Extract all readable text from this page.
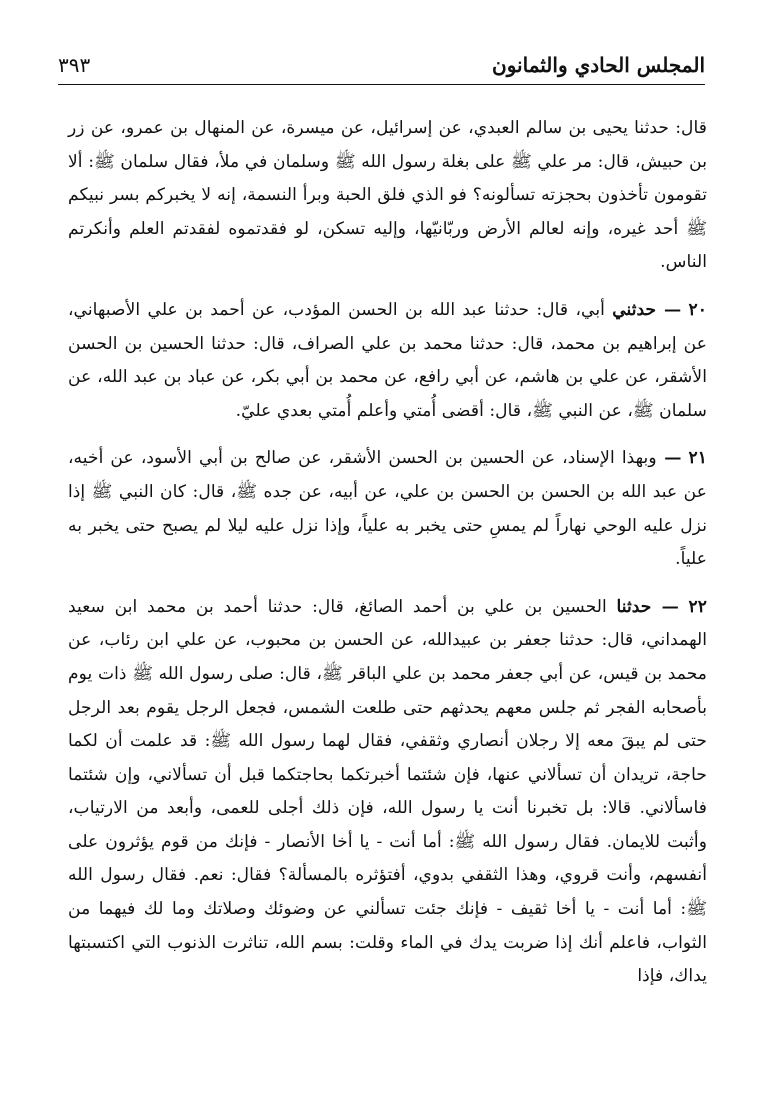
المجلس الحادي والثمانون
٣٩٣

قال: حدثنا يحيى بن سالم العبدي، عن إسرائيل، عن ميسرة، عن المنهال بن عمرو، عن زر بن حبيش، قال: مر علي ﷺ على بغلة رسول الله ﷺ وسلمان في ملأ، فقال سلمان ﷺ: ألا تقومون تأخذون بحجزته تسألونه؟ فو الذي فلق الحبة وبرأ النسمة، إنه لا يخبركم بسر نبيكم ﷺ أحد غيره، وإنه لعالم الأرض وربّانيّها، وإليه تسكن، لو فقدتموه لفقدتم العلم وأنكرتم الناس.

٢٠ — حدثني أبي، قال: حدثنا عبد الله بن الحسن المؤدب، عن أحمد بن علي الأصبهاني، عن إبراهيم بن محمد، قال: حدثنا محمد بن علي الصراف، قال: حدثنا الحسين بن الحسن الأشقر، عن علي بن هاشم، عن أبي رافع، عن محمد بن أبي بكر، عن عباد بن عبد الله، عن سلمان ﷺ، عن النبي ﷺ، قال: أقضى أُمتي وأعلم أُمتي بعدي عليّ.

٢١ — وبهذا الإسناد، عن الحسين بن الحسن الأشقر، عن صالح بن أبي الأسود، عن أخيه، عن عبد الله بن الحسن بن الحسن بن علي، عن أبيه، عن جده ﷺ، قال: كان النبي ﷺ إذا نزل عليه الوحي نهاراً لم يمسِ حتى يخبر به علياً، وإذا نزل عليه ليلا لم يصبح حتى يخبر به علياً.

٢٢ — حدثنا الحسين بن علي بن أحمد الصائغ، قال: حدثنا أحمد بن محمد ابن سعيد الهمداني، قال: حدثنا جعفر بن عبيدالله، عن الحسن بن محبوب، عن علي ابن رئاب، عن محمد بن قيس، عن أبي جعفر محمد بن علي الباقر ﷺ، قال: صلى رسول الله ﷺ ذات يوم بأصحابه الفجر ثم جلس معهم يحدثهم حتى طلعت الشمس، فجعل الرجل يقوم بعد الرجل حتى لم يبقَ معه إلا رجلان أنصاري وثقفي، فقال لهما رسول الله ﷺ: قد علمت أن لكما حاجة، تريدان أن تسألاني عنها، فإن شئتما أخبرتكما بحاجتكما قبل أن تسألاني، وإن شئتما فاسألاني. قالا: بل تخبرنا أنت يا رسول الله، فإن ذلك أجلى للعمى، وأبعد من الارتياب، وأثبت للايمان. فقال رسول الله ﷺ: أما أنت - يا أخا الأنصار - فإنك من قوم يؤثرون على أنفسهم، وأنت قروي، وهذا الثقفي بدوي، أفتؤثره بالمسألة؟ فقال: نعم. فقال رسول الله ﷺ: أما أنت - يا أخا ثقيف - فإنك جئت تسألني عن وضوئك وصلاتك وما لك فيهما من الثواب، فاعلم أنك إذا ضربت يدك في الماء وقلت: بسم الله، تناثرت الذنوب التي اكتسبتها يداك، فإذا
